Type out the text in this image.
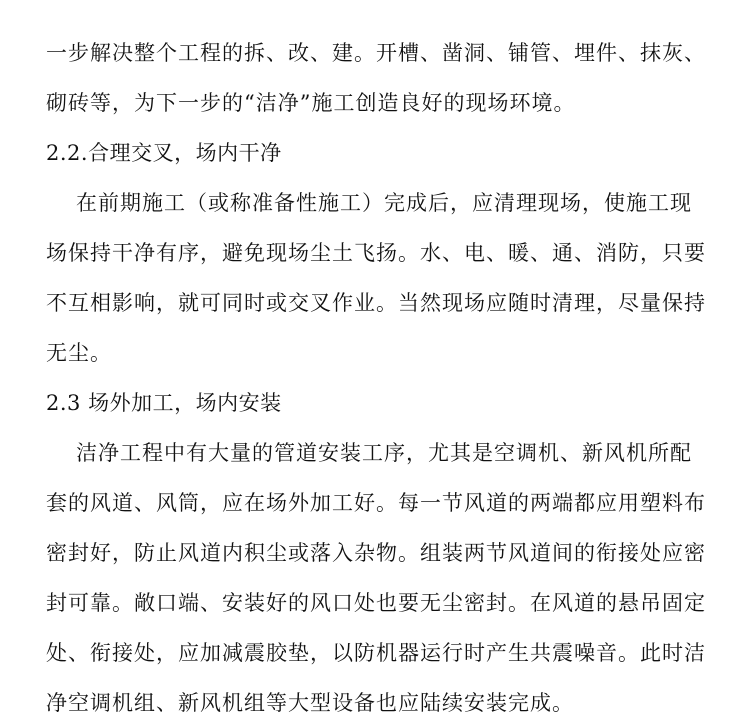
一步解决整个工程的拆、改、建。开槽、凿洞、铺管、埋件、抹灰、
砌砖等，为下一步的“洁净”施工创造良好的现场环境。
2.2.合理交叉，场内干净
在前期施工（或称准备性施工）完成后，应清理现场，使施工现
场保持干净有序，避免现场尘土飞扬。水、电、暖、通、消防，只要
不互相影响，就可同时或交叉作业。当然现场应随时清理，尽量保持
无尘。
2.3 场外加工，场内安装
洁净工程中有大量的管道安装工序，尤其是空调机、新风机所配
套的风道、风筒，应在场外加工好。每一节风道的两端都应用塑料布
密封好，防止风道内积尘或落入杂物。组装两节风道间的衔接处应密
封可靠。敞口端、安装好的风口处也要无尘密封。在风道的悬吊固定
处、衔接处，应加减震胶垫，以防机器运行时产生共震噪音。此时洁
净空调机组、新风机组等大型设备也应陆续安装完成。
